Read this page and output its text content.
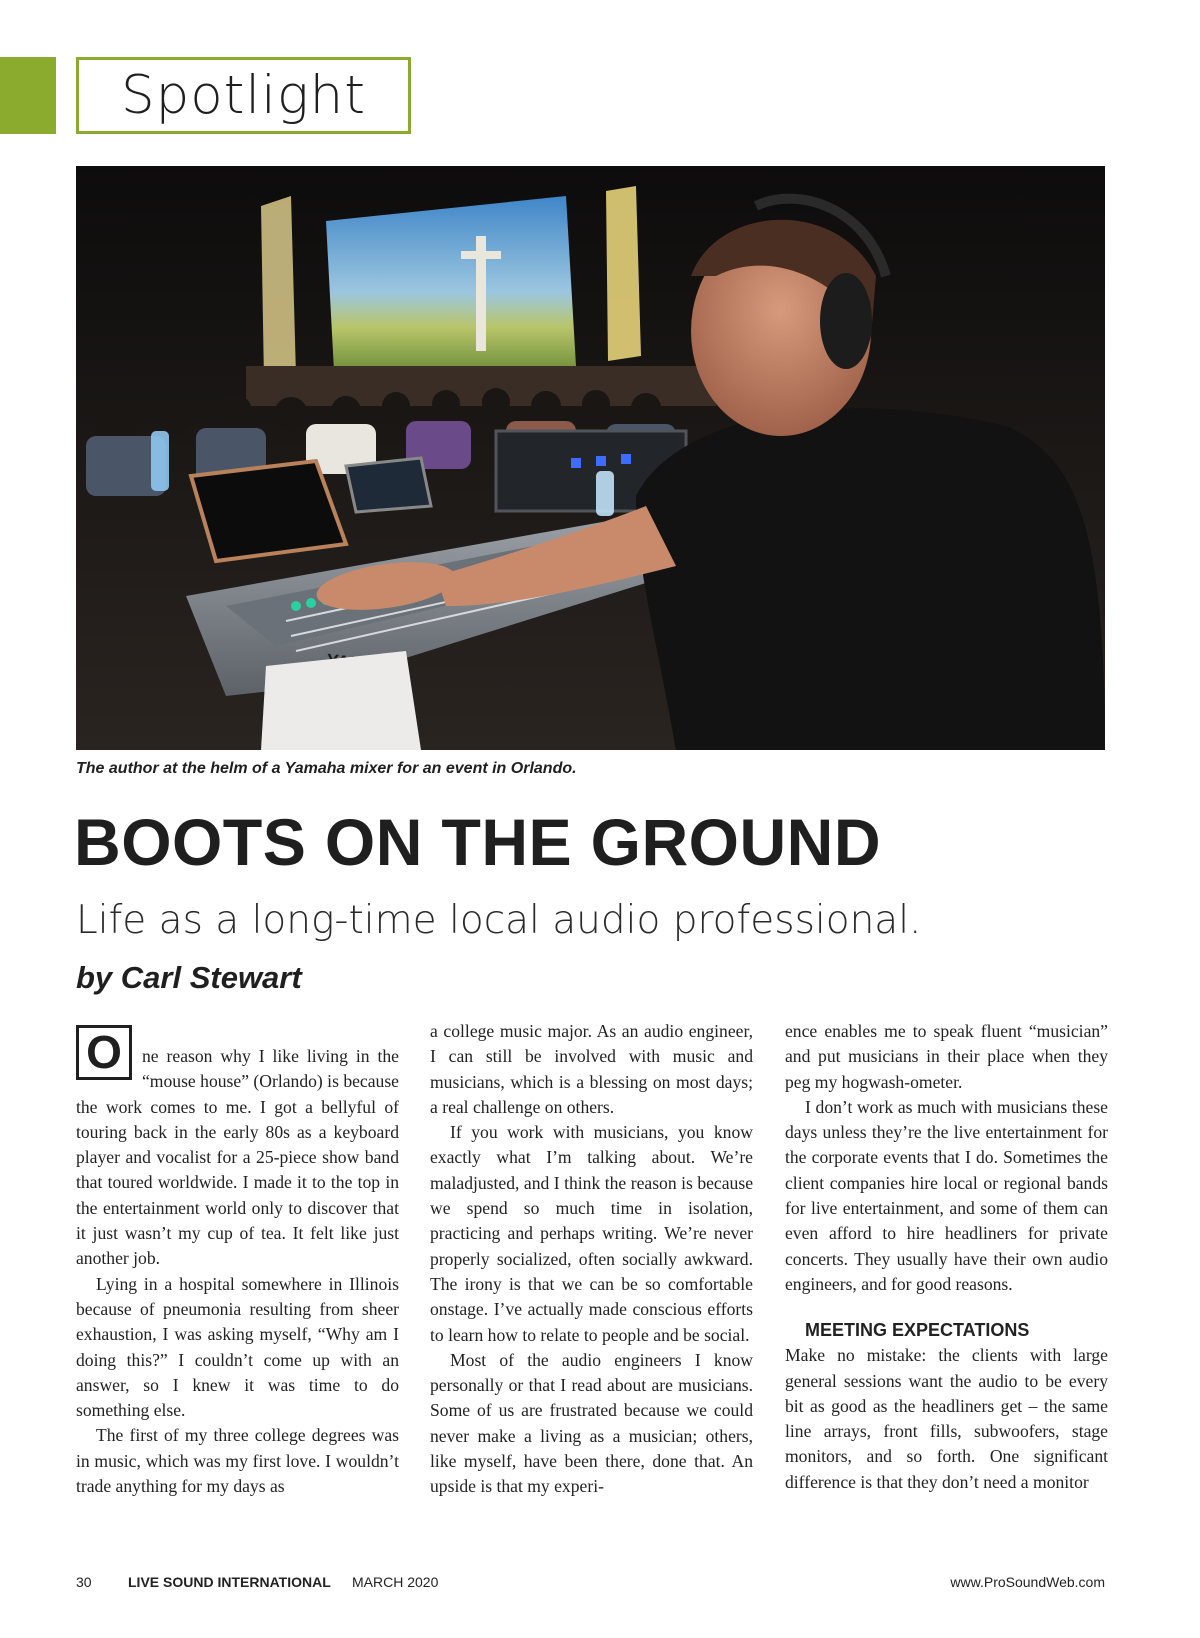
Spotlight
The author at the helm of a Yamaha mixer for an event in Orlando.
BOOTS ON THE GROUND
Life as a long-time local audio professional.
by Carl Stewart
O	ne reason why I like living in the “mouse house” (Orlando) is because the work comes to me. I got a bellyful of touring back in the early 80s as a keyboard player and vocalist for a 25-piece show band that toured worldwide. I made it to the top in the entertainment world only to discover that it just wasn’t my cup of tea. It felt like just another job.

Lying in a hospital somewhere in Illinois because of pneumonia resulting from sheer exhaustion, I was asking myself, “Why am I doing this?” I couldn’t come up with an answer, so I knew it was time to do something else.

The first of my three college degrees was in music, which was my first love. I wouldn’t trade anything for my days as

a college music major. As an audio engineer, I can still be involved with music and musicians, which is a blessing on most days; a real challenge on others.

If you work with musicians, you know exactly what I’m talking about. We’re maladjusted, and I think the reason is because we spend so much time in isolation, practicing and perhaps writing. We’re never properly socialized, often socially awkward. The irony is that we can be so comfortable onstage. I’ve actually made conscious efforts to learn how to relate to people and be social.

Most of the audio engineers I know personally or that I read about are musicians. Some of us are frustrated because we could never make a living as a musician; others, like myself, have been there, done that. An upside is that my experi-

ence enables me to speak fluent “musician” and put musicians in their place when they peg my hogwash-ometer.

I don’t work as much with musicians these days unless they’re the live entertainment for the corporate events that I do. Sometimes the client companies hire local or regional bands for live entertainment, and some of them can even afford to hire headliners for private concerts. They usually have their own audio engineers, and for good reasons.

MEETING EXPECTATIONS

Make no mistake: the clients with large general sessions want the audio to be every bit as good as the headliners get – the same line arrays, front fills, subwoofers, stage monitors, and so forth. One significant difference is that they don’t need a monitor

30	LIVE SOUND INTERNATIONAL MARCH 2020	www.ProSoundWeb.com
